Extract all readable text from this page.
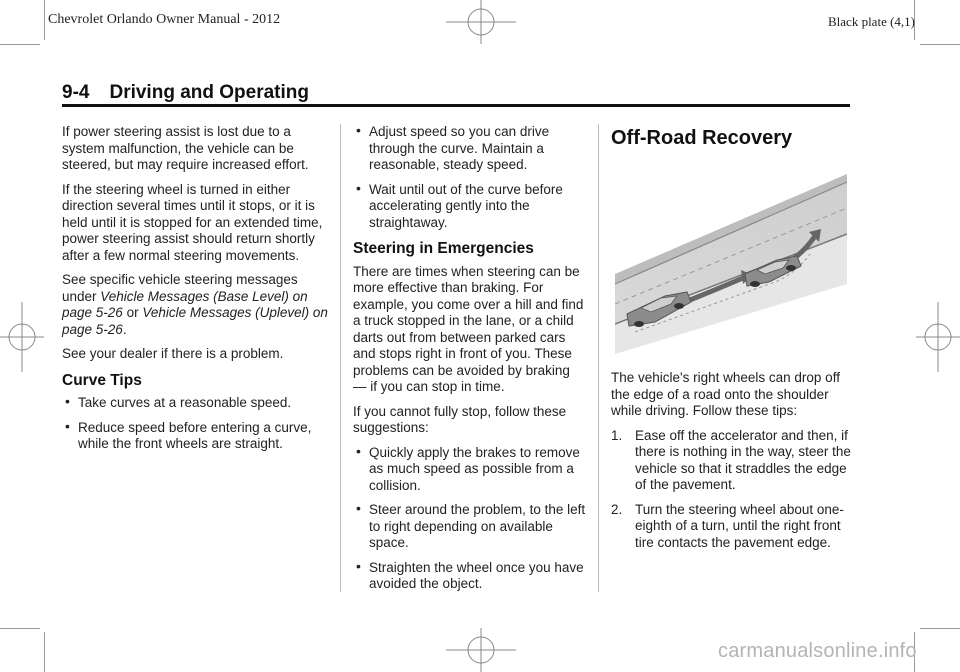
Chevrolet Orlando Owner Manual - 2012	Black plate (4,1)
9-4 Driving and Operating

If power steering assist is lost due to a system malfunction, the vehicle can be steered, but may require increased effort.

If the steering wheel is turned in either direction several times until it stops, or it is held until it is stopped for an extended time, power steering assist should return shortly after a few normal steering movements.

See specific vehicle steering messages under Vehicle Messages (Base Level) on page 5-26 or Vehicle Messages (Uplevel) on page 5-26.

See your dealer if there is a problem.

Curve Tips
• Take curves at a reasonable speed.
• Reduce speed before entering a curve, while the front wheels are straight.
• Adjust speed so you can drive through the curve. Maintain a reasonable, steady speed.
• Wait until out of the curve before accelerating gently into the straightaway.
Steering in Emergencies

There are times when steering can be more effective than braking. For example, you come over a hill and find a truck stopped in the lane, or a child darts out from between parked cars and stops right in front of you. These problems can be avoided by braking — if you can stop in time.

If you cannot fully stop, follow these suggestions:

• Quickly apply the brakes to remove as much speed as possible from a collision.
• Steer around the problem, to the left to right depending on available space.
• Straighten the wheel once you have avoided the object.
Off-Road Recovery

The vehicle's right wheels can drop off the edge of a road onto the shoulder while driving. Follow these tips:

1. Ease off the accelerator and then, if there is nothing in the way, steer the vehicle so that it straddles the edge of the pavement.
2. Turn the steering wheel about one-eighth of a turn, until the right front tire contacts the pavement edge.
carmanualsonline.info
